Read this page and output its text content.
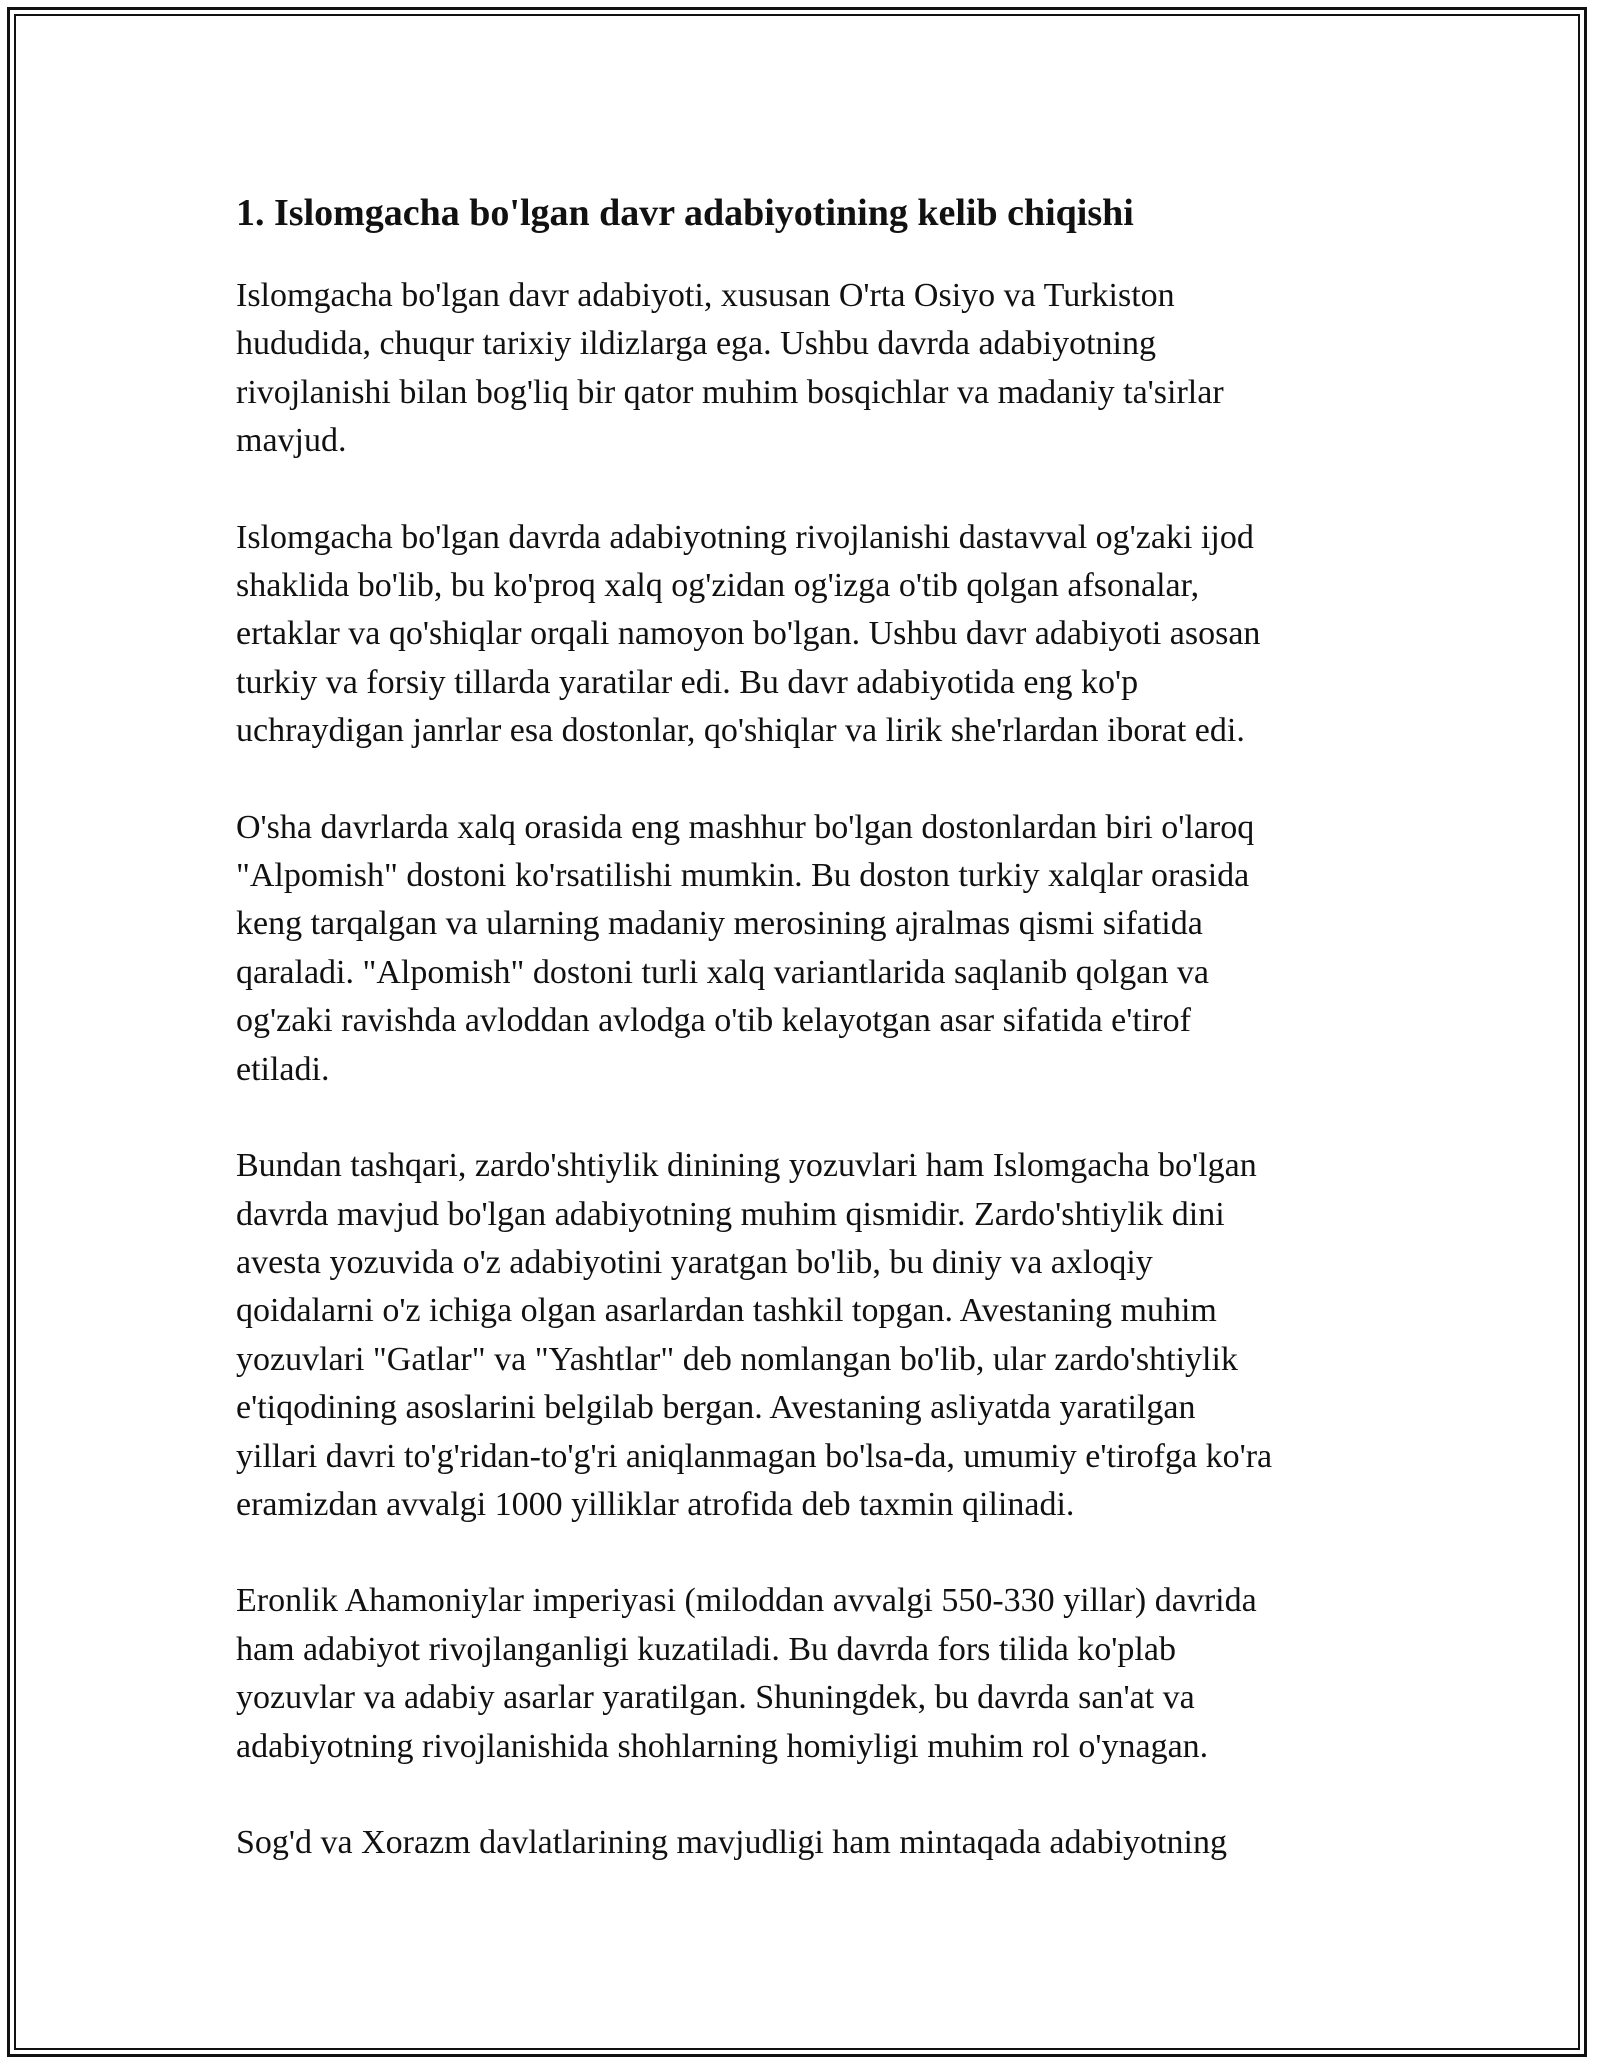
1. Islomgacha bo'lgan davr adabiyotining kelib chiqishi
Islomgacha bo'lgan davr adabiyoti, xususan O'rta Osiyo va Turkiston
hududida, chuqur tarixiy ildizlarga ega. Ushbu davrda adabiyotning
rivojlanishi bilan bog'liq bir qator muhim bosqichlar va madaniy ta'sirlar
mavjud.
Islomgacha bo'lgan davrda adabiyotning rivojlanishi dastavval og'zaki ijod
shaklida bo'lib, bu ko'proq xalq og'zidan og'izga o'tib qolgan afsonalar,
ertaklar va qo'shiqlar orqali namoyon bo'lgan. Ushbu davr adabiyoti asosan
turkiy va forsiy tillarda yaratilar edi. Bu davr adabiyotida eng ko'p
uchraydigan janrlar esa dostonlar, qo'shiqlar va lirik she'rlardan iborat edi.
O'sha davrlarda xalq orasida eng mashhur bo'lgan dostonlardan biri o'laroq
"Alpomish" dostoni ko'rsatilishi mumkin. Bu doston turkiy xalqlar orasida
keng tarqalgan va ularning madaniy merosining ajralmas qismi sifatida
qaraladi. "Alpomish" dostoni turli xalq variantlarida saqlanib qolgan va
og'zaki ravishda avloddan avlodga o'tib kelayotgan asar sifatida e'tirof
etiladi.
Bundan tashqari, zardo'shtiylik dinining yozuvlari ham Islomgacha bo'lgan
davrda mavjud bo'lgan adabiyotning muhim qismidir. Zardo'shtiylik dini
avesta yozuvida o'z adabiyotini yaratgan bo'lib, bu diniy va axloqiy
qoidalarni o'z ichiga olgan asarlardan tashkil topgan. Avestaning muhim
yozuvlari "Gatlar" va "Yashtlar" deb nomlangan bo'lib, ular zardo'shtiylik
e'tiqodining asoslarini belgilab bergan. Avestaning asliyatda yaratilgan
yillari davri to'g'ridan-to'g'ri aniqlanmagan bo'lsa-da, umumiy e'tirofga ko'ra
eramizdan avvalgi 1000 yilliklar atrofida deb taxmin qilinadi.
Eronlik Ahamoniylar imperiyasi (miloddan avvalgi 550-330 yillar) davrida
ham adabiyot rivojlanganligi kuzatiladi. Bu davrda fors tilida ko'plab
yozuvlar va adabiy asarlar yaratilgan. Shuningdek, bu davrda san'at va
adabiyotning rivojlanishida shohlarning homiyligi muhim rol o'ynagan.
Sog'd va Xorazm davlatlarining mavjudligi ham mintaqada adabiyotning
